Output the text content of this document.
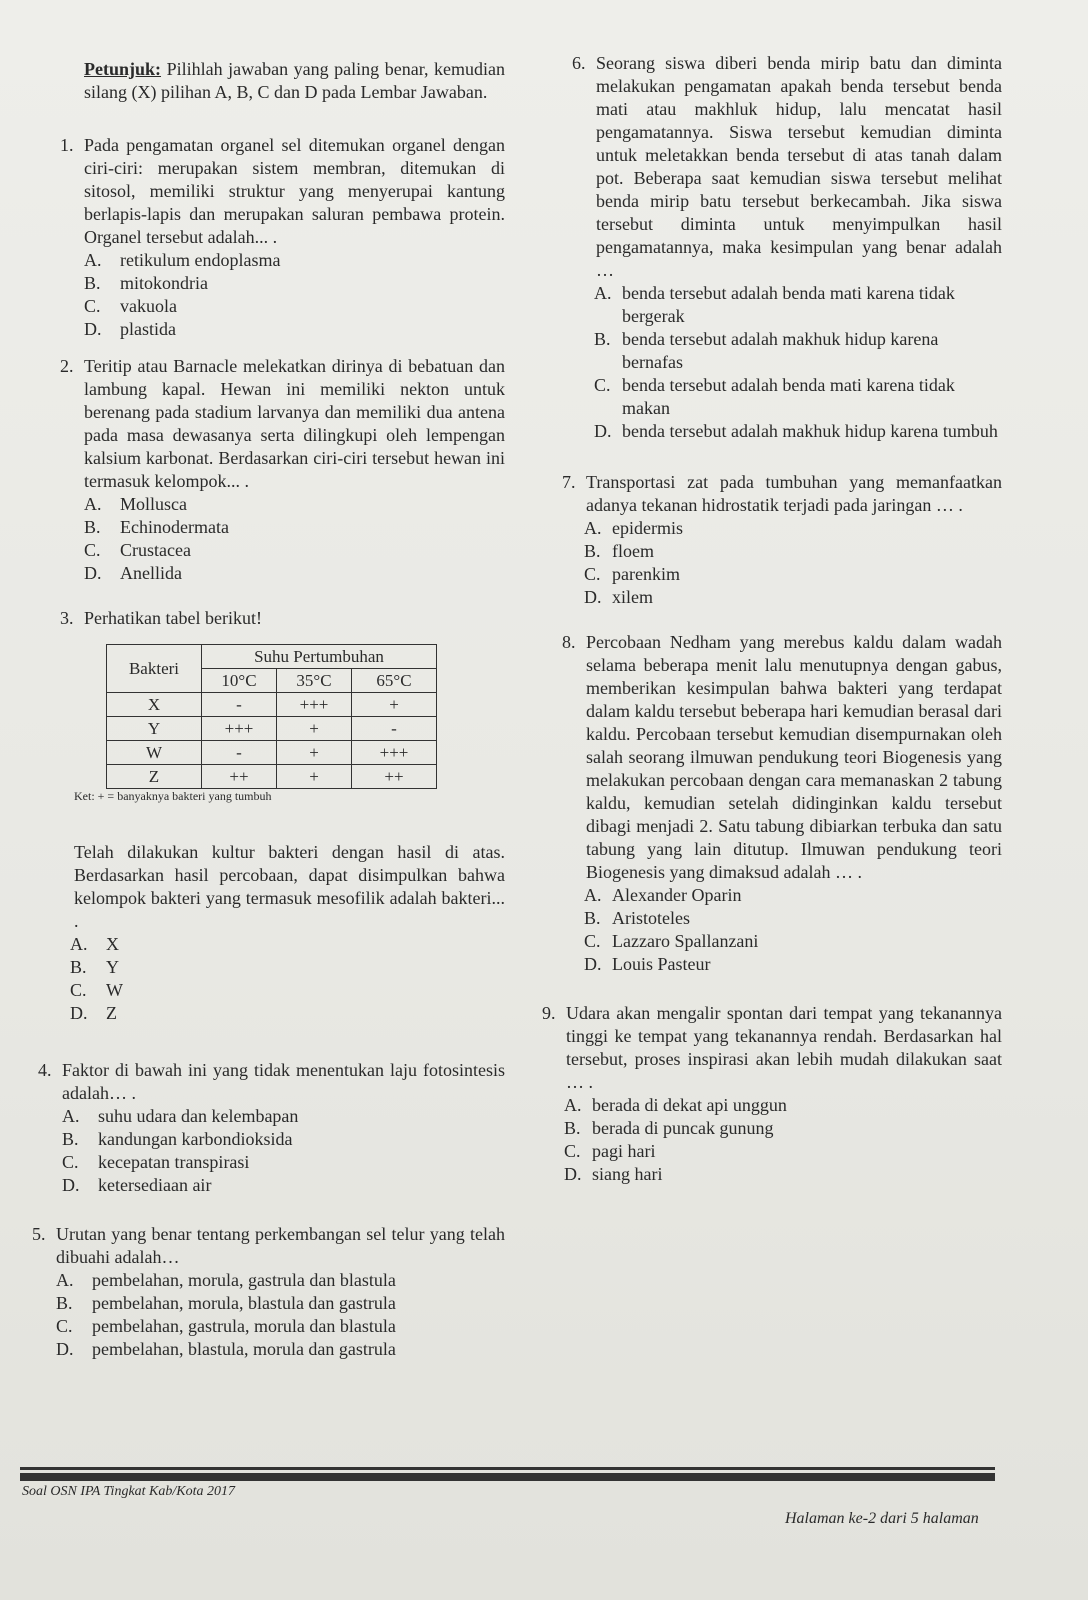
Petunjuk: Pilihlah jawaban yang paling benar, kemudian silang (X) pilihan A, B, C dan D pada Lembar Jawaban.
1. Pada pengamatan organel sel ditemukan organel dengan ciri-ciri: merupakan sistem membran, ditemukan di sitosol, memiliki struktur yang menyerupai kantung berlapis-lapis dan merupakan saluran pembawa protein. Organel tersebut adalah... .
A.	retikulum endoplasma
B.	mitokondria
C.	vakuola
D.	plastida
2. Teritip atau Barnacle melekatkan dirinya di bebatuan dan lambung kapal. Hewan ini memiliki nekton untuk berenang pada stadium larvanya dan memiliki dua antena pada masa dewasanya serta dilingkupi oleh lempengan kalsium karbonat. Berdasarkan ciri-ciri tersebut hewan ini termasuk kelompok... .
A.	Mollusca
B.	Echinodermata
C.	Crustacea
D.	Anellida
3. Perhatikan tabel berikut!
Bakteri	Suhu Pertumbuhan		
	10°C	35°C	65°C
X	-	+++	+
Y	+++	+	-
W	-	+	+++
Z	++	+	++
Ket: + = banyaknya bakteri yang tumbuh
Telah dilakukan kultur bakteri dengan hasil di atas. Berdasarkan hasil percobaan, dapat disimpulkan bahwa kelompok bakteri yang termasuk mesofilik adalah bakteri... .
A.	X
B.	Y
C.	W
D.	Z
4. Faktor di bawah ini yang tidak menentukan laju fotosintesis adalah… .
A.	suhu udara dan kelembapan
B.	kandungan karbondioksida
C.	kecepatan transpirasi
D.	ketersediaan air
5. Urutan yang benar tentang perkembangan sel telur yang telah dibuahi adalah…
A.	pembelahan, morula, gastrula dan blastula
B.	pembelahan, morula, blastula dan gastrula
C.	pembelahan, gastrula, morula dan blastula
D.	pembelahan, blastula, morula dan gastrula
6. Seorang siswa diberi benda mirip batu dan diminta melakukan pengamatan apakah benda tersebut benda mati atau makhluk hidup, lalu mencatat hasil pengamatannya. Siswa tersebut kemudian diminta untuk meletakkan benda tersebut di atas tanah dalam pot. Beberapa saat kemudian siswa tersebut melihat benda mirip batu tersebut berkecambah. Jika siswa tersebut diminta untuk menyimpulkan hasil pengamatannya, maka kesimpulan yang benar adalah …
A. benda tersebut adalah benda mati karena tidak bergerak
B. benda tersebut adalah makhuk hidup karena bernafas
C. benda tersebut adalah benda mati karena tidak makan
D. benda tersebut adalah makhuk hidup karena tumbuh
7. Transportasi zat pada tumbuhan yang memanfaatkan adanya tekanan hidrostatik terjadi pada jaringan … .
A. epidermis
B. floem
C. parenkim
D. xilem
8. Percobaan Nedham yang merebus kaldu dalam wadah selama beberapa menit lalu menutupnya dengan gabus, memberikan kesimpulan bahwa bakteri yang terdapat dalam kaldu tersebut beberapa hari kemudian berasal dari kaldu. Percobaan tersebut kemudian disempurnakan oleh salah seorang ilmuwan pendukung teori Biogenesis yang melakukan percobaan dengan cara memanaskan 2 tabung kaldu, kemudian setelah didinginkan kaldu tersebut dibagi menjadi 2. Satu tabung dibiarkan terbuka dan satu tabung yang lain ditutup. Ilmuwan pendukung teori Biogenesis yang dimaksud adalah … .
A. Alexander Oparin
B. Aristoteles
C. Lazzaro Spallanzani
D. Louis Pasteur
9. Udara akan mengalir spontan dari tempat yang tekanannya tinggi ke tempat yang tekanannya rendah. Berdasarkan hal tersebut, proses inspirasi akan lebih mudah dilakukan saat … .
A. berada di dekat api unggun
B. berada di puncak gunung
C. pagi hari
D. siang hari
Soal OSN IPA Tingkat Kab/Kota 2017
Halaman ke-2 dari 5 halaman
